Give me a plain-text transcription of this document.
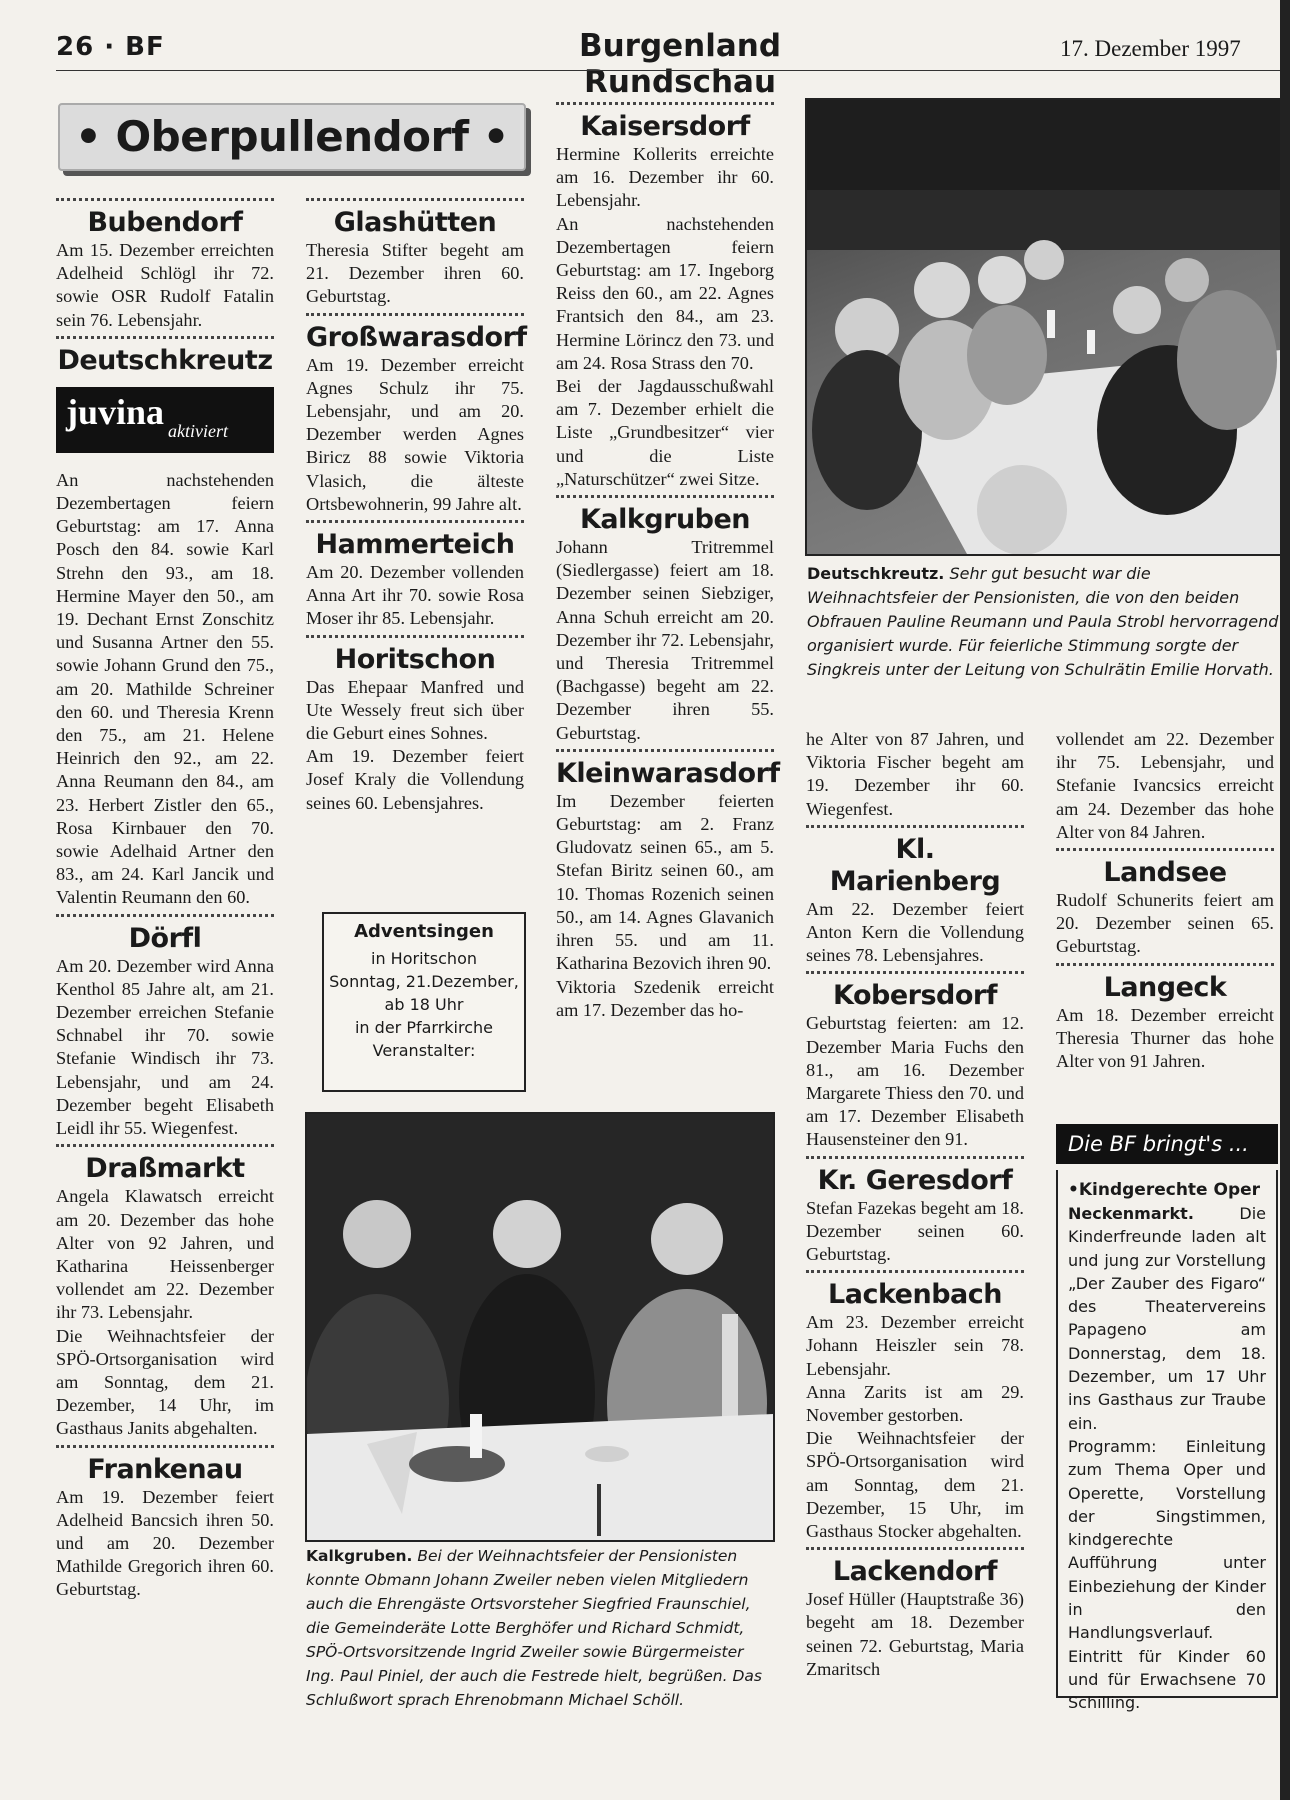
26 · BF	Burgenland Rundschau
17. Dezember 1997
• Oberpullendorf •
Bubendorf

Am 15. Dezember erreichten Adelheid Schlögl ihr 72. sowie OSR Rudolf Fatalin sein 76. Lebensjahr.

Deutschkreutz
juvina aktiviert

An nachstehenden Dezembertagen feiern Geburtstag: am 17. Anna Posch den 84. sowie Karl Strehn den 93., am 18. Hermine Mayer den 50., am 19. Dechant Ernst Zonschitz und Susanna Artner den 55. sowie Johann Grund den 75., am 20. Mathilde Schreiner den 60. und Theresia Krenn den 75., am 21. Helene Heinrich den 92., am 22. Anna Reumann den 84., am 23. Herbert Zistler den 65., Rosa Kirnbauer den 70. sowie Adelhaid Artner den 83., am 24. Karl Jancik und Valentin Reumann den 60.

Dörfl

Am 20. Dezember wird Anna Kenthol 85 Jahre alt, am 21. Dezember erreichen Stefanie Schnabel ihr 70. sowie Stefanie Windisch ihr 73. Lebensjahr, und am 24. Dezember begeht Elisabeth Leidl ihr 55. Wiegenfest.

Draßmarkt

Angela Klawatsch erreicht am 20. Dezember das hohe Alter von 92 Jahren, und Katharina Heissenberger vollendet am 22. Dezember ihr 73. Lebensjahr.

Die Weihnachtsfeier der SPÖ-Ortsorganisation wird am Sonntag, dem 21. Dezember, 14 Uhr, im Gasthaus Janits abgehalten.

Frankenau

Am 19. Dezember feiert Adelheid Bancsich ihren 50. und am 20. Dezember Mathilde Gregorich ihren 60. Geburtstag.

Glashütten

Theresia Stifter begeht am 21. Dezember ihren 60. Geburtstag.

Großwarasdorf

Am 19. Dezember erreicht Agnes Schulz ihr 75. Lebensjahr, und am 20. Dezember werden Agnes Biricz 88 sowie Viktoria Vlasich, die älteste Ortsbewohnerin, 99 Jahre alt.

Hammerteich

Am 20. Dezember vollenden Anna Art ihr 70. sowie Rosa Moser ihr 85. Lebensjahr.

Horitschon

Das Ehepaar Manfred und Ute Wessely freut sich über die Geburt eines Sohnes.

Am 19. Dezember feiert Josef Kraly die Vollendung seines 60. Lebensjahres.

Adventsingen
in Horitschon
Sonntag, 21.Dezember,
ab 18 Uhr
in der Pfarrkirche
Veranstalter:
Kaisersdorf

Hermine Kollerits erreichte am 16. Dezember ihr 60. Lebensjahr.

An nachstehenden Dezembertagen feiern Geburtstag: am 17. Ingeborg Reiss den 60., am 22. Agnes Frantsich den 84., am 23. Hermine Lörincz den 73. und am 24. Rosa Strass den 70.

Bei der Jagdausschußwahl am 7. Dezember erhielt die Liste „Grundbesitzer“ vier und die Liste „Naturschützer“ zwei Sitze.

Kalkgruben

Johann Tritremmel (Siedlergasse) feiert am 18. Dezember seinen Siebziger, Anna Schuh erreicht am 20. Dezember ihr 72. Lebensjahr, und Theresia Tritremmel (Bachgasse) begeht am 22. Dezember ihren 55. Geburtstag.

Kleinwarasdorf

Im Dezember feierten Geburtstag: am 2. Franz Gludovatz seinen 65., am 5. Stefan Biritz seinen 60., am 10. Thomas Rozenich seinen 50., am 14. Agnes Glavanich ihren 55. und am 11. Katharina Bezovich ihren 90.

Viktoria Szedenik erreicht am 17. Dezember das ho-

Deutschkreutz. Sehr gut besucht war die Weihnachtsfeier der Pensionisten, die von den beiden Obfrauen Pauline Reumann und Paula Strobl hervorragend organisiert wurde. Für feierliche Stimmung sorgte der Singkreis unter der Leitung von Schulrätin Emilie Horvath.

he Alter von 87 Jahren, und Viktoria Fischer begeht am 19. Dezember ihr 60. Wiegenfest.

Kl. Marienberg

Am 22. Dezember feiert Anton Kern die Vollendung seines 78. Lebensjahres.

Kobersdorf

Geburtstag feierten: am 12. Dezember Maria Fuchs den 81., am 16. Dezember Margarete Thiess den 70. und am 17. Dezember Elisabeth Hausensteiner den 91.

Kr. Geresdorf

Stefan Fazekas begeht am 18. Dezember seinen 60. Geburtstag.

Lackenbach

Am 23. Dezember erreicht Johann Heiszler sein 78. Lebensjahr.

Anna Zarits ist am 29. November gestorben.

Die Weihnachtsfeier der SPÖ-Ortsorganisation wird am Sonntag, dem 21. Dezember, 15 Uhr, im Gasthaus Stocker abgehalten.

Lackendorf

Josef Hüller (Hauptstraße 36) begeht am 18. Dezember seinen 72. Geburtstag, Maria Zmaritsch

vollendet am 22. Dezember ihr 75. Lebensjahr, und Stefanie Ivancsics erreicht am 24. Dezember das hohe Alter von 84 Jahren.

Landsee

Rudolf Schunerits feiert am 20. Dezember seinen 65. Geburtstag.

Langeck

Am 18. Dezember erreicht Theresia Thurner das hohe Alter von 91 Jahren.

Die BF bringt's ...
•Kindgerechte Oper

Neckenmarkt.	Die Kinderfreunde laden alt und jung zur Vorstellung „Der Zauber des Figaro“ des Theatervereins Papageno am Donnerstag, dem 18. Dezember, um 17 Uhr ins Gasthaus zur Traube ein.

Programm: Einleitung zum Thema Oper und Operette, Vorstellung der Singstimmen, kindgerechte Aufführung unter Einbeziehung der Kinder in den Handlungsverlauf.

Eintritt für Kinder 60 und für Erwachsene 70 Schilling.

Kalkgruben. Bei der Weihnachtsfeier der Pensionisten konnte Obmann Johann Zweiler neben vielen Mitgliedern auch die Ehrengäste Ortsvorsteher Siegfried Fraunschiel, die Gemeinderäte Lotte Berghöfer und Richard Schmidt, SPÖ-Ortsvorsitzende Ingrid Zweiler sowie Bürgermeister Ing. Paul Piniel, der auch die Festrede hielt, begrüßen. Das Schlußwort sprach Ehrenobmann Michael Schöll.
